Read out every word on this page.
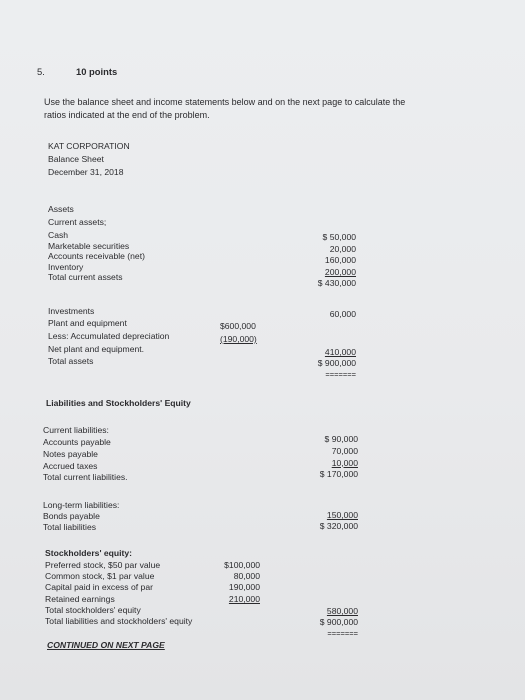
5.	10 points
Use the balance sheet and income statements below and on the next page to calculate the
ratios indicated at the end of the problem.
KAT CORPORATION
Balance Sheet
December 31, 2018
Assets
Current assets;
Cash
Marketable securities
Accounts receivable (net)
Inventory
Total current assets
$ 50,000
20,000
160,000
200,000
$ 430,000
Investments	60,000
Plant and equipment
Less: Accumulated depreciation
Net plant and equipment.
Total assets
$600,000
(190,000)
410,000
$ 900,000
=======
Liabilities and Stockholders' Equity
Current liabilities:
Accounts payable
Notes payable
Accrued taxes
Total current liabilities.
$ 90,000
70,000
10,000
$ 170,000
Long-term liabilities:
Bonds payable
Total liabilities
150,000
$ 320,000
Stockholders' equity:
Preferred stock, $50 par value
Common stock, $1 par value
Capital paid in excess of par
Retained earnings
Total stockholders' equity
Total liabilities and stockholders' equity
$100,000
80,000
190,000
210,000
580,000
$ 900,000
=======
CONTINUED ON NEXT PAGE
